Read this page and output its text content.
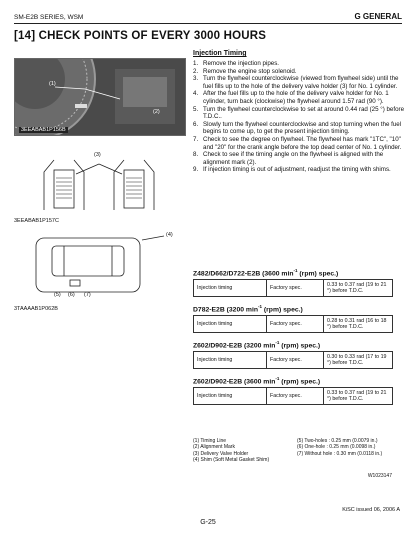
SM-E2B SERIES, WSM	G GENERAL
[14] CHECK POINTS OF EVERY 3000 HOURS
(1)
(2)
3EEABAB1P156B
(3)
3EEABAB1P157C
(4)
(5) (6) (7)
3TAAAAB1P062B
Injection Timing
1. Remove the injection pipes.
2. Remove the engine stop solenoid.
3. Turn the flywheel counterclockwise (viewed from flywheel side) until the fuel fills up to the hole of the delivery valve holder (3) for No. 1 cylinder.
4. After the fuel fills up to the hole of the delivery valve holder for No. 1 cylinder, turn back (clockwise) the flywheel around 1.57 rad (90 °).
5. Turn the flywheel counterclockwise to set at around 0.44 rad (25 °) before T.D.C..
6. Slowly turn the flywheel counterclockwise and stop turning when the fuel begins to come up, to get the present injection timing.
7. Check to see the degree on flywheel. The flywheel has mark "1TC", "10" and "20" for the crank angle before the top dead center of No. 1 cylinder.
8. Check to see if the timing angle on the flywheel is aligned with the alignment mark (2).
9. If injection timing is out of adjustment, readjust the timing with shims.
Z482/D662/D722-E2B (3600 $\min^{-1} (rpm)$ spec.)
Injection timing	Factory spec.	0.33 to 0.37 rad (19 to 21 °) before T.D.C.
D782-E2B (3200 $\min^{-1} (rpm)$ spec.)
Injection timing	Factory spec.	0.28 to 0.31 rad (16 to 18 °) before T.D.C.
Z602/D902-E2B (3200 $\min^{-1} (rpm)$ spec.)
Injection timing	Factory spec.	0.30 to 0.33 rad (17 to 19 °) before T.D.C.
Z602/D902-E2B (3600 $\min^{-1} (rpm)$ spec.)
Injection timing	Factory spec.	0.33 to 0.37 rad (19 to 21 °) before T.D.C.
(1) Timing Line
(2) Alignment Mark
(3) Delivery Valve Holder
(4) Shim (Soft Metal Gasket Shim)
(5) Two-holes : 0.25 mm (0.0079 in.)
(6) One-hole : 0.25 mm (0.0098 in.)
(7) Without hole : 0.30 mm (0.0118 in.)
W1023147
KiSC issued 06, 2006 A
G-25
